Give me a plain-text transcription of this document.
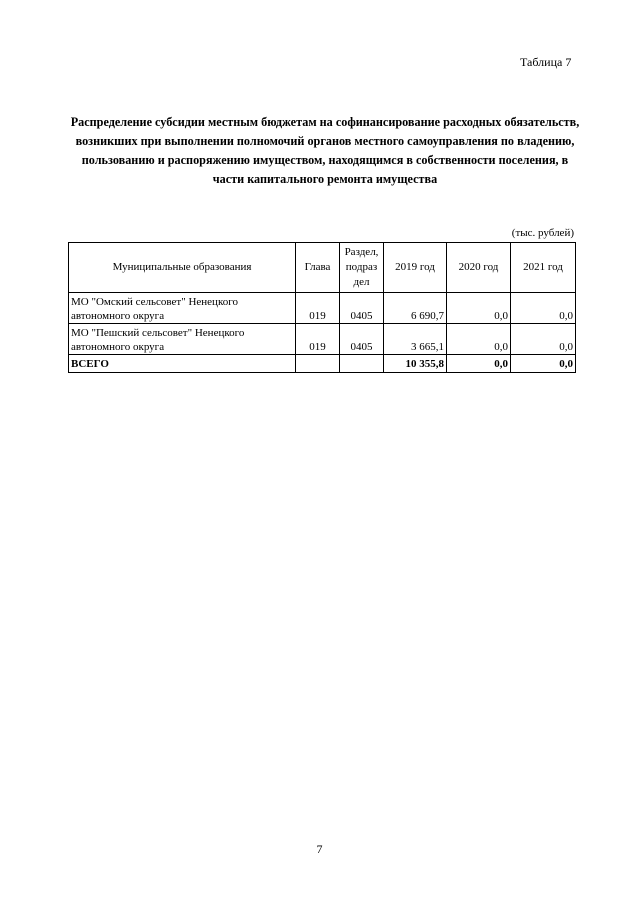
Таблица 7
Распределение субсидии местным бюджетам на софинансирование расходных обязательств, возникших при выполнении полномочий органов местного самоуправления по владению, пользованию и распоряжению имуществом, находящимся в собственности поселения, в части капитального ремонта имущества
(тыс. рублей)
Муниципальные образования	Глава	Раздел, подраз дел	2019 год	2020 год	2021 год
МО "Омский сельсовет" Ненецкого автономного округа	019	0405	6 690,7	0,0	0,0
МО "Пешский сельсовет" Ненецкого автономного округа	019	0405	3 665,1	0,0	0,0
ВСЕГО			10 355,8	0,0	0,0
7
